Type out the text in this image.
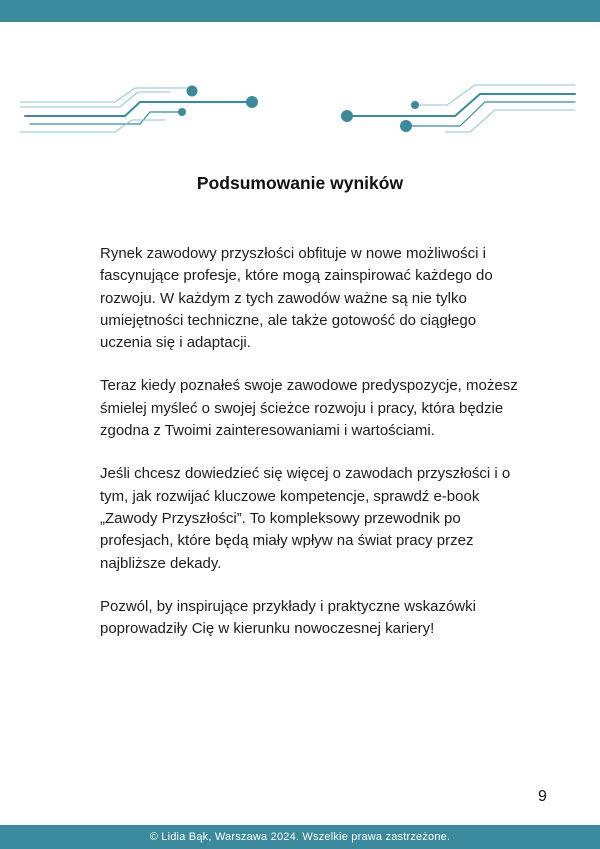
Podsumowanie wyników

Rynek zawodowy przyszłości obfituje w nowe możliwości i fascynujące profesje, które mogą zainspirować każdego do rozwoju. W każdym z tych zawodów ważne są nie tylko umiejętności techniczne, ale także gotowość do ciągłego uczenia się i adaptacji.

Teraz kiedy poznałeś swoje zawodowe predyspozycje, możesz śmielej myśleć o swojej ścieżce rozwoju i pracy, która będzie zgodna z Twoimi zainteresowaniami i wartościami.

Jeśli chcesz dowiedzieć się więcej o zawodach przyszłości i o tym, jak rozwijać kluczowe kompetencje, sprawdź e-book „Zawody Przyszłości”. To kompleksowy przewodnik po profesjach, które będą miały wpływ na świat pracy przez najbliższe dekady.

Pozwól, by inspirujące przykłady i praktyczne wskazówki poprowadziły Cię w kierunku nowoczesnej kariery!

9
© Lidia Bąk, Warszawa 2024. Wszelkie prawa zastrzeżone.
